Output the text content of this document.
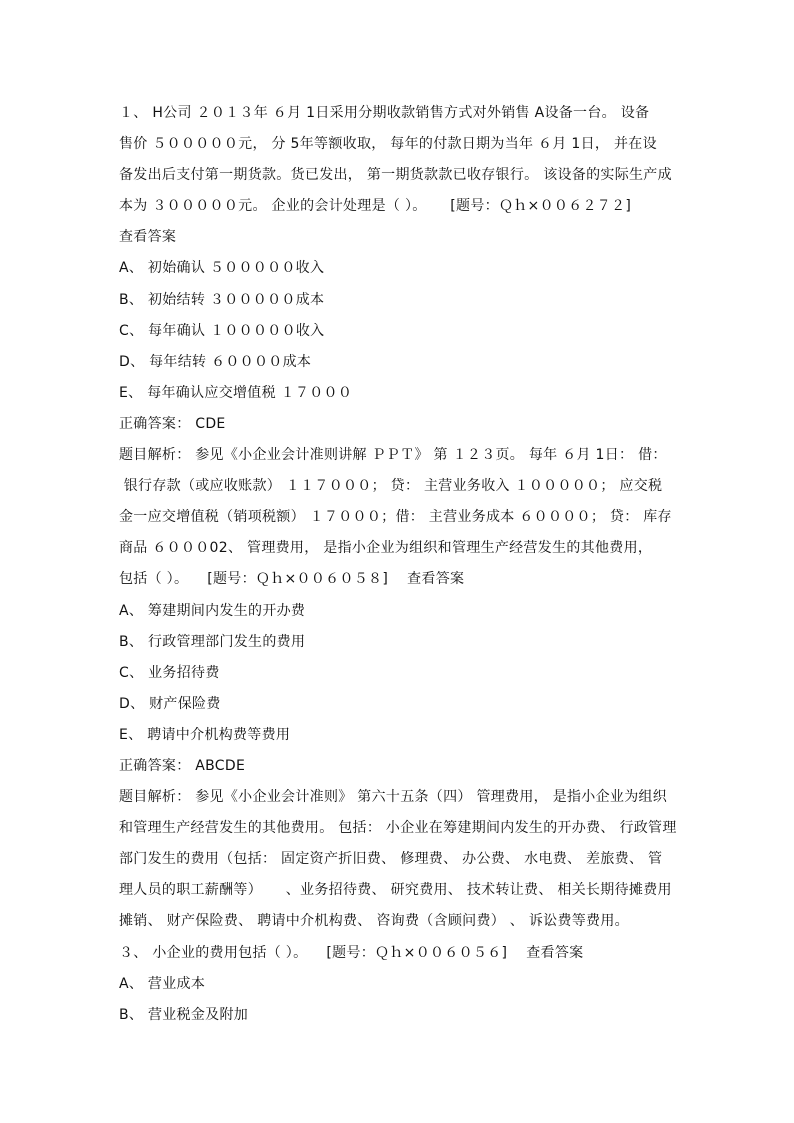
１、 H公司 ２０１３年 ６月 1日采用分期收款销售方式对外销售 A设备一台。 设备
售价 ５０００００元， 分 5年等额收取， 每年的付款日期为当年 ６月 1日， 并在设
备发出后支付第一期货款。货已发出， 第一期货款款已收存银行。 该设备的实际生产成
本为 ３０００００元。 企业的会计处理是（ ）。     [题号：Ｑｈ×００６２７２]
查看答案
A、 初始确认 ５０００００收入
B、 初始结转 ３０００００成本
C、 每年确认 １０００００收入
D、 每年结转 ６００００成本
E、 每年确认应交增值税 １７０００
正确答案： CDE
题目解析： 参见《小企业会计准则讲解 ＰＰＴ》 第 １２３页。 每年 ６月 1日： 借：
银行存款（或应收账款） １１７０００； 贷： 主营业务收入 １０００００； 应交税
金一应交增值税（销项税额） １７０００；借： 主营业务成本 ６００００； 贷： 库存
商品 ６０００02、 管理费用， 是指小企业为组织和管理生产经营发生的其他费用，
包括（ ）。    [题号：Ｑｈ×００６０５８]    查看答案
A、 筹建期间内发生的开办费
B、 行政管理部门发生的费用
C、 业务招待费
D、 财产保险费
E、 聘请中介机构费等费用
正确答案： ABCDE
题目解析： 参见《小企业会计准则》 第六十五条（四） 管理费用， 是指小企业为组织
和管理生产经营发生的其他费用。 包括： 小企业在筹建期间内发生的开办费、 行政管理
部门发生的费用（包括： 固定资产折旧费、 修理费、 办公费、 水电费、 差旅费、 管
理人员的职工薪酬等）     、业务招待费、 研究费用、 技术转让费、 相关长期待摊费用
摊销、 财产保险费、 聘请中介机构费、 咨询费（含顾问费） 、 诉讼费等费用。
３、 小企业的费用包括（ ）。    [题号：Ｑｈ×００６０５６]    查看答案
A、 营业成本
B、 营业税金及附加
